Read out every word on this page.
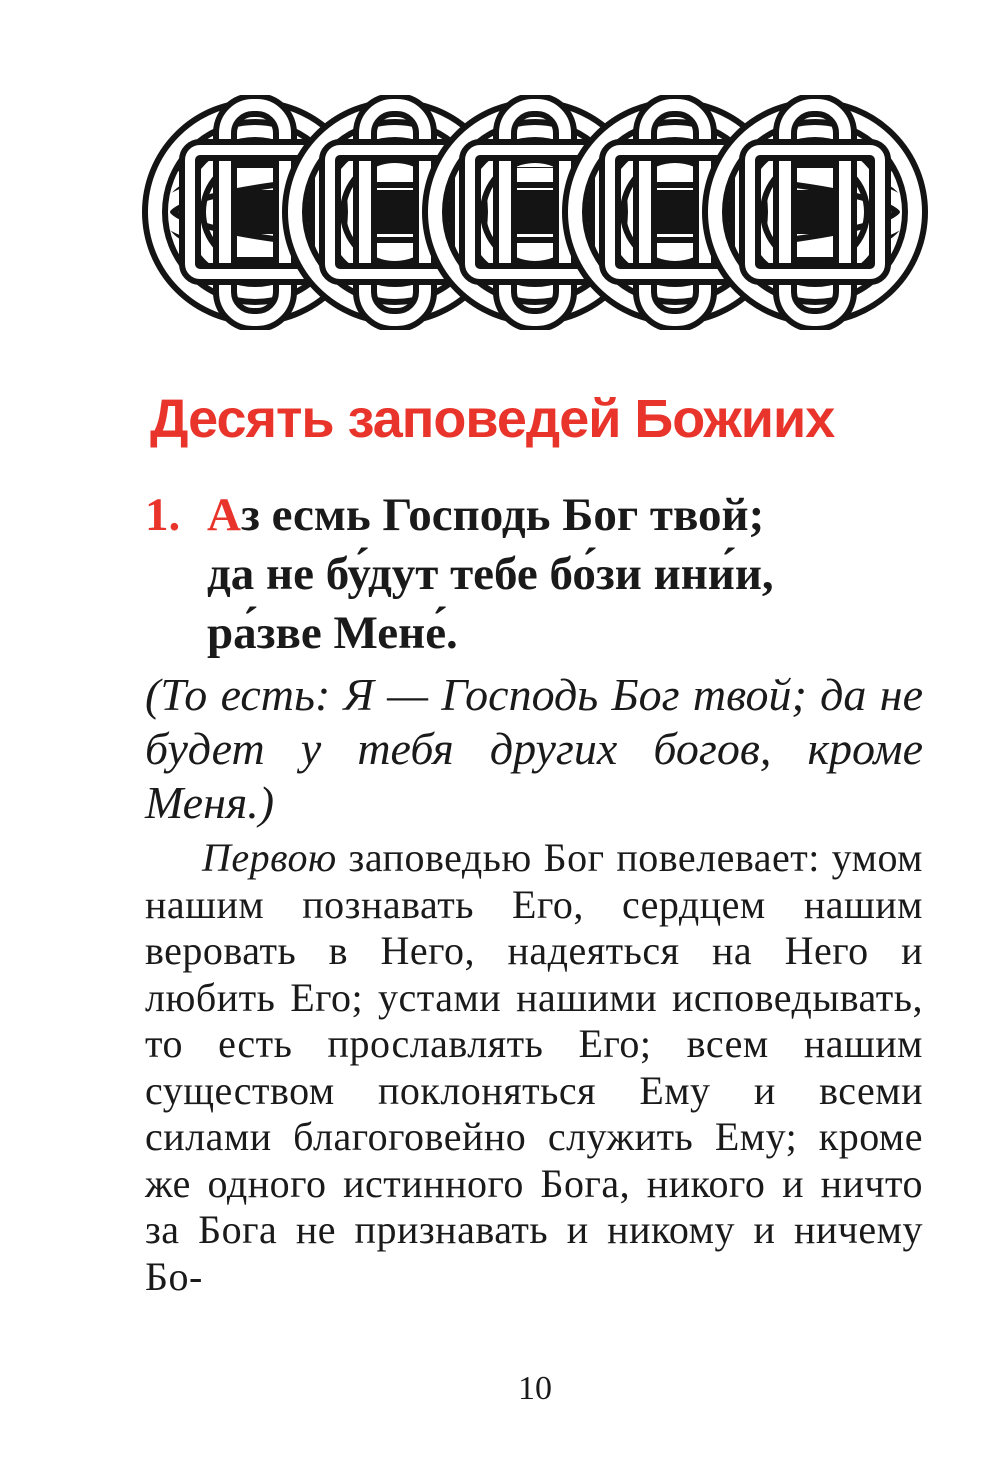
Десять заповедей Божиих
1. Аз есмь Господь Бог твой;
да не бу́дут тебе бо́зи ини́и,
ра́зве Мене́.
(То есть: Я — Господь Бог твой; да не будет у тебя других богов, кроме Меня.)
Первою заповедью Бог повелевает: умом нашим познавать Его, сердцем нашим веровать в Него, надеяться на Него и любить Его; устами нашими исповедывать, то есть прославлять Его; всем нашим существом поклоняться Ему и всеми силами благоговейно служить Ему; кроме же одного истинного Бога, никого и ничто за Бога не признавать и никому и ничему Бо-
10
